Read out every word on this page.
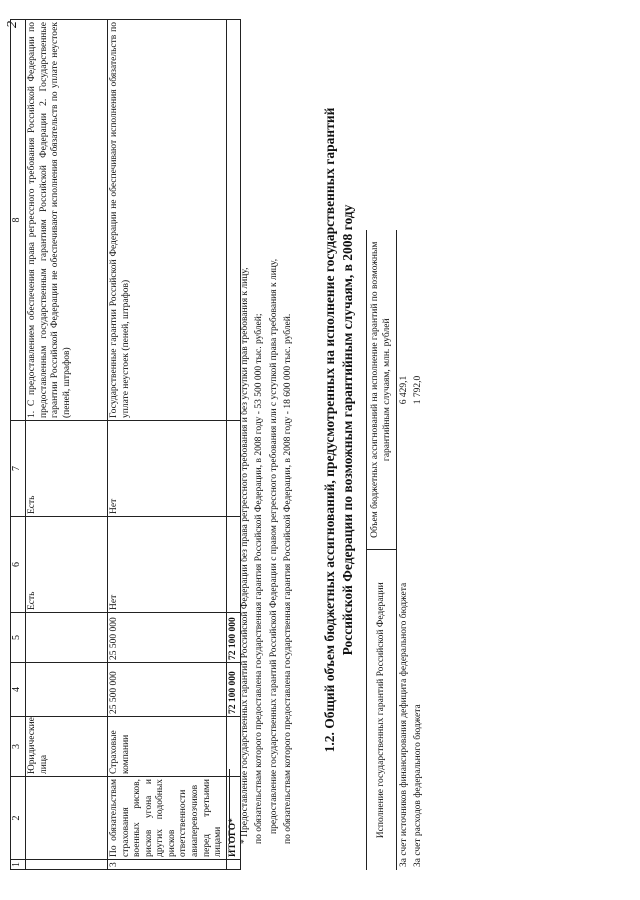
2
1	2	3	4	5	6	7	8
		Юридические лица			Есть	Есть	1. С предоставлением обеспечения права регрессного требования Российской Федерации по предоставленным государственным гарантиям Российской Федерации 2. Государственные гарантии Российской Федерации не обеспечивают исполнения обязательств по уплате неустоек (пеней, штрафов)
3	По обязательствам страхования военных рисков, рисков угона и других подобных рисков ответственности авиаперевозчиков перед третьими лицами	Страховые компании	25 500 000	25 500 000	Нет	Нет	Государственные гарантии Российской Федерации не обеспечивают исполнения обязательств по уплате неустоек (пеней, штрафов)
	ИТОГО*		72 100 000	72 100 000			* Предоставление государственных гарантий Российской Федерации без права регрессного требования и без уступки прав требования к лицу, по обязательствам которого предоставлена государственная гарантия Российской Федерации, в 2008 году - 53 500 000 тыс. рублей; предоставление государственных гарантий Российской Федерации с правом регрессного требования или с уступкой права требования к лицу, по обязательствам которого предоставлена государственная гарантия Российской Федерации, в 2008 году - 18 600 000 тыс. рублей. 1.2. Общий объем бюджетных ассигнований, предусмотренных на исполнение государственных гарантий Российской Федерации по возможным гарантийным случаям, в 2008 году
Исполнение государственных гарантий Российской Федерации	Объем бюджетных ассигнований на исполнение гарантий по возможным гарантийным случаям, млн. рублей	
За счет источников финансирования дефицита федерального бюджета	6 429,1	
За счет расходов федерального бюджета	1 792,0	
